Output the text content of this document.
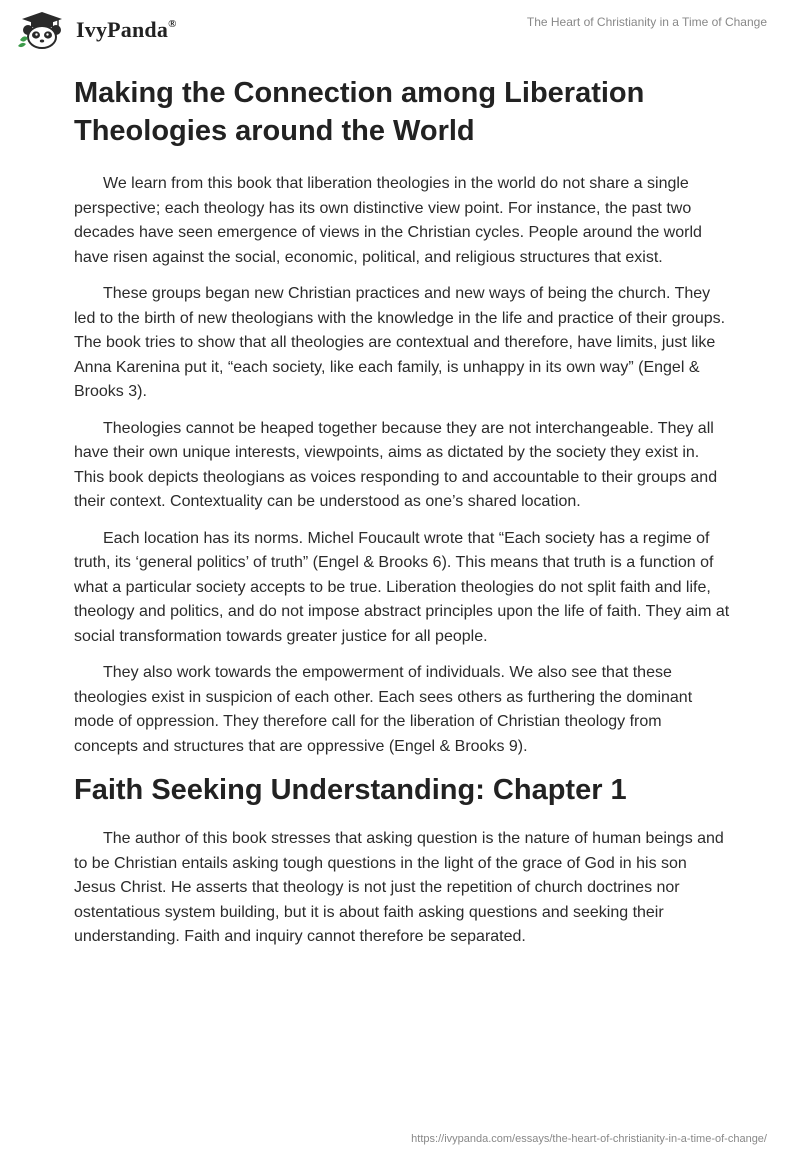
IvyPanda®	The Heart of Christianity in a Time of Change
Making the Connection among Liberation Theologies around the World

We learn from this book that liberation theologies in the world do not share a single perspective; each theology has its own distinctive view point. For instance, the past two decades have seen emergence of views in the Christian cycles. People around the world have risen against the social, economic, political, and religious structures that exist.

These groups began new Christian practices and new ways of being the church. They led to the birth of new theologians with the knowledge in the life and practice of their groups. The book tries to show that all theologies are contextual and therefore, have limits, just like Anna Karenina put it, “each society, like each family, is unhappy in its own way” (Engel & Brooks 3).

Theologies cannot be heaped together because they are not interchangeable. They all have their own unique interests, viewpoints, aims as dictated by the society they exist in. This book depicts theologians as voices responding to and accountable to their groups and their context. Contextuality can be understood as one’s shared location.

Each location has its norms. Michel Foucault wrote that “Each society has a regime of truth, its ‘general politics’ of truth” (Engel & Brooks 6). This means that truth is a function of what a particular society accepts to be true. Liberation theologies do not split faith and life, theology and politics, and do not impose abstract principles upon the life of faith. They aim at social transformation towards greater justice for all people.

They also work towards the empowerment of individuals. We also see that these theologies exist in suspicion of each other. Each sees others as furthering the dominant mode of oppression. They therefore call for the liberation of Christian theology from concepts and structures that are oppressive (Engel & Brooks 9).

Faith Seeking Understanding: Chapter 1

The author of this book stresses that asking question is the nature of human beings and to be Christian entails asking tough questions in the light of the grace of God in his son Jesus Christ. He asserts that theology is not just the repetition of church doctrines nor ostentatious system building, but it is about faith asking questions and seeking their understanding. Faith and inquiry cannot therefore be separated.

https://ivypanda.com/essays/the-heart-of-christianity-in-a-time-of-change/
